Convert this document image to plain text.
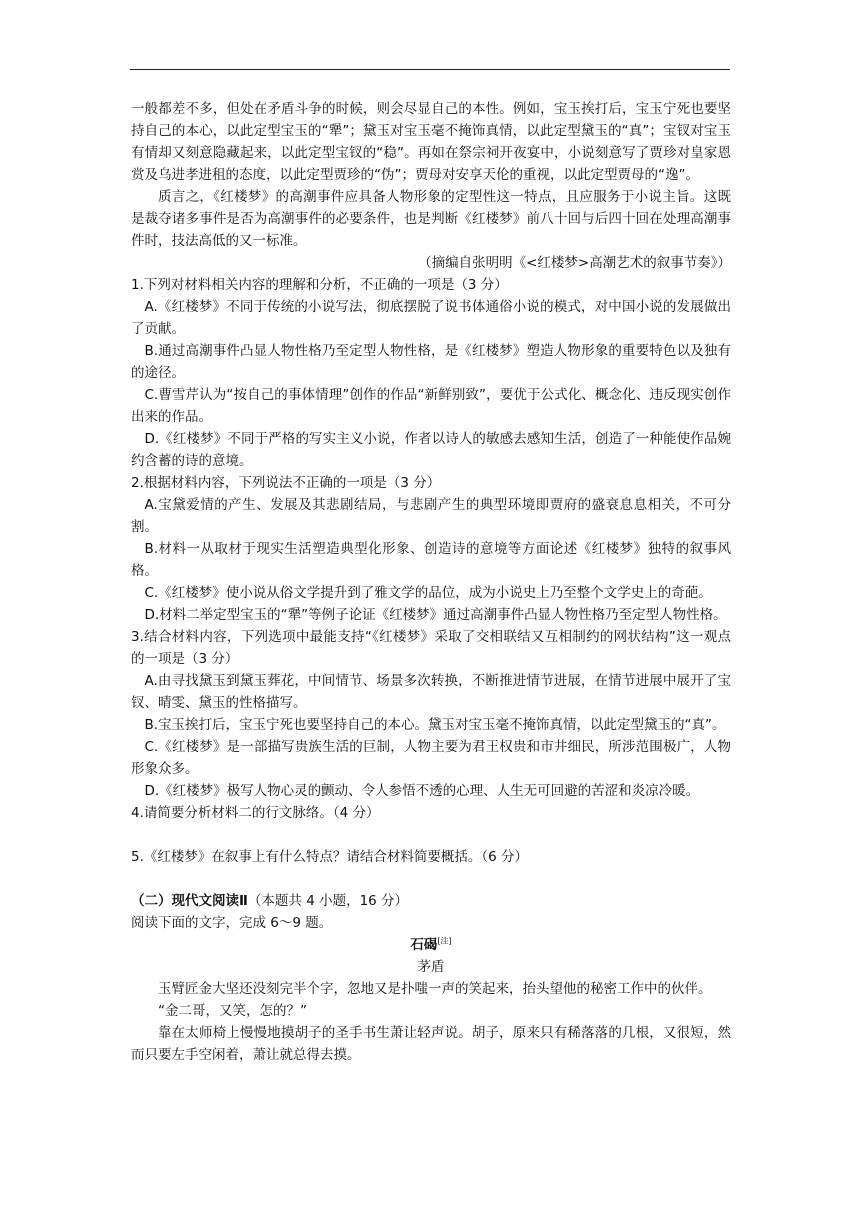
一般都差不多，但处在矛盾斗争的时候，则会尽显自己的本性。例如，宝玉挨打后，宝玉宁死也要坚持自己的本心，以此定型宝玉的“犟”；黛玉对宝玉毫不掩饰真情，以此定型黛玉的“真”；宝钗对宝玉有情却又刻意隐藏起来，以此定型宝钗的“稳”。再如在祭宗祠开夜宴中，小说刻意写了贾珍对皇家恩赏及乌进孝进租的态度，以此定型贾珍的“伪”；贾母对安享天伦的重视，以此定型贾母的“逸”。

质言之，《红楼梦》的高潮事件应具备人物形象的定型性这一特点，且应服务于小说主旨。这既是裁夺诸多事件是否为高潮事件的必要条件，也是判断《红楼梦》前八十回与后四十回在处理高潮事件时，技法高低的又一标准。

（摘编自张明明《<红楼梦>高潮艺术的叙事节奏》）

1.下列对材料相关内容的理解和分析，不正确的一项是（3 分）

A.《红楼梦》不同于传统的小说写法，彻底摆脱了说书体通俗小说的模式，对中国小说的发展做出了贡献。

B.通过高潮事件凸显人物性格乃至定型人物性格，是《红楼梦》塑造人物形象的重要特色以及独有的途径。

C.曹雪芹认为“按自己的事体情理”创作的作品“新鲜别致”，要优于公式化、概念化、违反现实创作出来的作品。

D.《红楼梦》不同于严格的写实主义小说，作者以诗人的敏感去感知生活，创造了一种能使作品婉约含蓄的诗的意境。

2.根据材料内容，下列说法不正确的一项是（3 分）

A.宝黛爱情的产生、发展及其悲剧结局，与悲剧产生的典型环境即贾府的盛衰息息相关，不可分割。

B.材料一从取材于现实生活塑造典型化形象、创造诗的意境等方面论述《红楼梦》独特的叙事风格。

C.《红楼梦》使小说从俗文学提升到了雅文学的品位，成为小说史上乃至整个文学史上的奇葩。

D.材料二举定型宝玉的“犟”等例子论证《红楼梦》通过高潮事件凸显人物性格乃至定型人物性格。

3.结合材料内容，下列选项中最能支持“《红楼梦》采取了交相联结又互相制约的网状结构”这一观点的一项是（3 分）

A.由寻找黛玉到黛玉葬花，中间情节、场景多次转换，不断推进情节进展，在情节进展中展开了宝钗、晴雯、黛玉的性格描写。

B.宝玉挨打后，宝玉宁死也要坚持自己的本心。黛玉对宝玉毫不掩饰真情，以此定型黛玉的“真”。

C.《红楼梦》是一部描写贵族生活的巨制，人物主要为君王权贵和市井细民，所涉范围极广，人物形象众多。

D.《红楼梦》极写人物心灵的颤动、令人参悟不透的心理、人生无可回避的苦涩和炎凉冷暖。

4.请简要分析材料二的行文脉络。（4 分）

5.《红楼梦》在叙事上有什么特点？请结合材料简要概括。（6 分）

（二）现代文阅读Ⅱ（本题共 4 小题，16 分）

阅读下面的文字，完成 6～9 题。

石碣[注]

茅盾

玉臂匠金大坚还没刻完半个字，忽地又是扑嗤一声的笑起来，抬头望他的秘密工作中的伙伴。

“金二哥，又笑，怎的？”

靠在太师椅上慢慢地摸胡子的圣手书生萧让轻声说。胡子，原来只有稀落落的几根，又很短，然而只要左手空闲着，萧让就总得去摸。
